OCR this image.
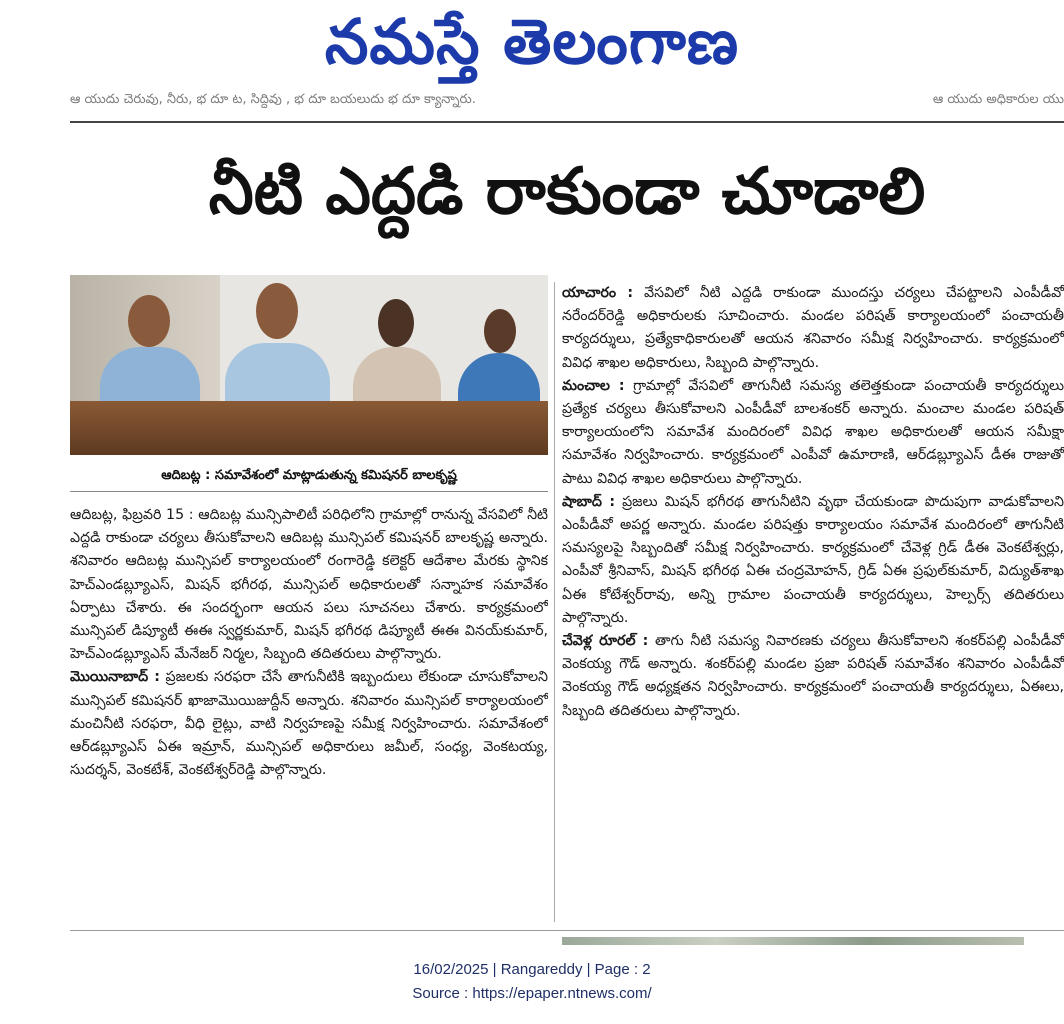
నమస్తే తెలంగాణ
ఆ యుదు చెరువు, నీరు, భ దూ ట, సిద్దివు , భ దూ బయలుదు భ దూ క్యాన్నారు.	ఆ యుదు అధికారుల యు
నీటి ఎద్దడి రాకుండా చూడాలి
ఆదిబట్ల : సమావేశంలో మాట్లాడుతున్న కమిషనర్ బాలకృష్ణ

ఆదిబట్ల, ఫిబ్రవరి 15 : ఆదిబట్ల మున్సిపాలిటీ పరిధిలోని గ్రామాల్లో రానున్న వేసవిలో నీటి ఎద్దడి రాకుండా చర్యలు తీసుకోవాలని ఆదిబట్ల మున్సిపల్ కమిషనర్ బాలకృష్ణ అన్నారు. శనివారం ఆదిబట్ల మున్సిపల్ కార్యాలయంలో రంగారెడ్డి కలెక్టర్ ఆదేశాల మేరకు స్థానిక హెచ్ఎండబ్ల్యూఎస్, మిషన్ భగీరథ, మున్సిపల్ అధికారులతో సన్నాహక సమావేశం ఏర్పాటు చేశారు. ఈ సందర్భంగా ఆయన పలు సూచనలు చేశారు. కార్యక్రమంలో మున్సిపల్ డిప్యూటీ ఈఈ స్వర్ణకుమార్, మిషన్ భగీరథ డిప్యూటీ ఈఈ వినయ్‌కుమార్, హెచ్ఎండబ్ల్యూఎస్ మేనేజర్ నిర్మల, సిబ్బంది తదితరులు పాల్గొన్నారు.

మొయినాబాద్ : ప్రజలకు సరఫరా చేసే తాగునీటికి ఇబ్బందులు లేకుండా చూసుకోవాలని మున్సిపల్ కమిషనర్ ఖాజామొయిజుద్దీన్ అన్నారు. శనివారం మున్సిపల్ కార్యాలయంలో మంచినీటి సరఫరా, వీధి లైట్లు, వాటి నిర్వహణపై సమీక్ష నిర్వహించారు. సమావేశంలో ఆర్‌డబ్ల్యూఎస్ ఏఈ ఇమ్రాన్, మున్సిపల్ అధికారులు జమీల్, సంధ్య, వెంకటయ్య, సుదర్శన్, వెంకటేశ్, వెంకటేశ్వర్‌రెడ్డి పాల్గొన్నారు.

యాచారం : వేసవిలో నీటి ఎద్దడి రాకుండా ముందస్తు చర్యలు చేపట్టాలని ఎంపీడీవో నరేందర్‌రెడ్డి అధికారులకు సూచించారు. మండల పరిషత్ కార్యాలయంలో పంచాయతీ కార్యదర్శులు, ప్రత్యేకాధికారులతో ఆయన శనివారం సమీక్ష నిర్వహించారు. కార్యక్రమంలో వివిధ శాఖల అధికారులు, సిబ్బంది పాల్గొన్నారు.

మంచాల : గ్రామాల్లో వేసవిలో తాగునీటి సమస్య తలెత్తకుండా పంచాయతీ కార్యదర్శులు ప్రత్యేక చర్యలు తీసుకోవాలని ఎంపీడీవో బాలశంకర్ అన్నారు. మంచాల మండల పరిషత్ కార్యాలయంలోని సమావేశ మందిరంలో వివిధ శాఖల అధికారులతో ఆయన సమీక్షా సమావేశం నిర్వహించారు. కార్యక్రమంలో ఎంపీవో ఉమారాణి, ఆర్‌డబ్ల్యూఎస్ డీఈ రాజుతో పాటు వివిధ శాఖల అధికారులు పాల్గొన్నారు.

షాబాద్ : ప్రజలు మిషన్ భగీరథ తాగునీటిని వృథా చేయకుండా పొదుపుగా వాడుకోవాలని ఎంపీడీవో అపర్ణ అన్నారు. మండల పరిషత్తు కార్యాలయం సమావేశ మందిరంలో తాగునీటి సమస్యలపై సిబ్బందితో సమీక్ష నిర్వహించారు. కార్యక్రమంలో చేవెళ్ల గ్రిడ్ డీఈ వెంకటేశ్వర్లు, ఎంపీవో శ్రీనివాస్, మిషన్ భగీరథ ఏఈ చంద్రమోహన్, గ్రిడ్ ఏఈ ప్రఫుల్‌కుమార్, విద్యుత్‌శాఖ ఏఈ కోటేశ్వర్‌రావు, అన్ని గ్రామాల పంచాయతీ కార్యదర్శులు, హెల్పర్స్ తదితరులు పాల్గొన్నారు.

చేవెళ్ల రూరల్ : తాగు నీటి సమస్య నివారణకు చర్యలు తీసుకోవాలని శంకర్‌పల్లి ఎంపీడీవో వెంకయ్య గౌడ్ అన్నారు. శంకర్‌పల్లి మండల ప్రజా పరిషత్ సమావేశం శనివారం ఎంపీడీవో వెంకయ్య గౌడ్ అధ్యక్షతన నిర్వహించారు. కార్యక్రమంలో పంచాయతీ కార్యదర్శులు, ఏఈలు, సిబ్బంది తదితరులు పాల్గొన్నారు.

16/02/2025 | Rangareddy | Page : 2
Source : https://epaper.ntnews.com/
